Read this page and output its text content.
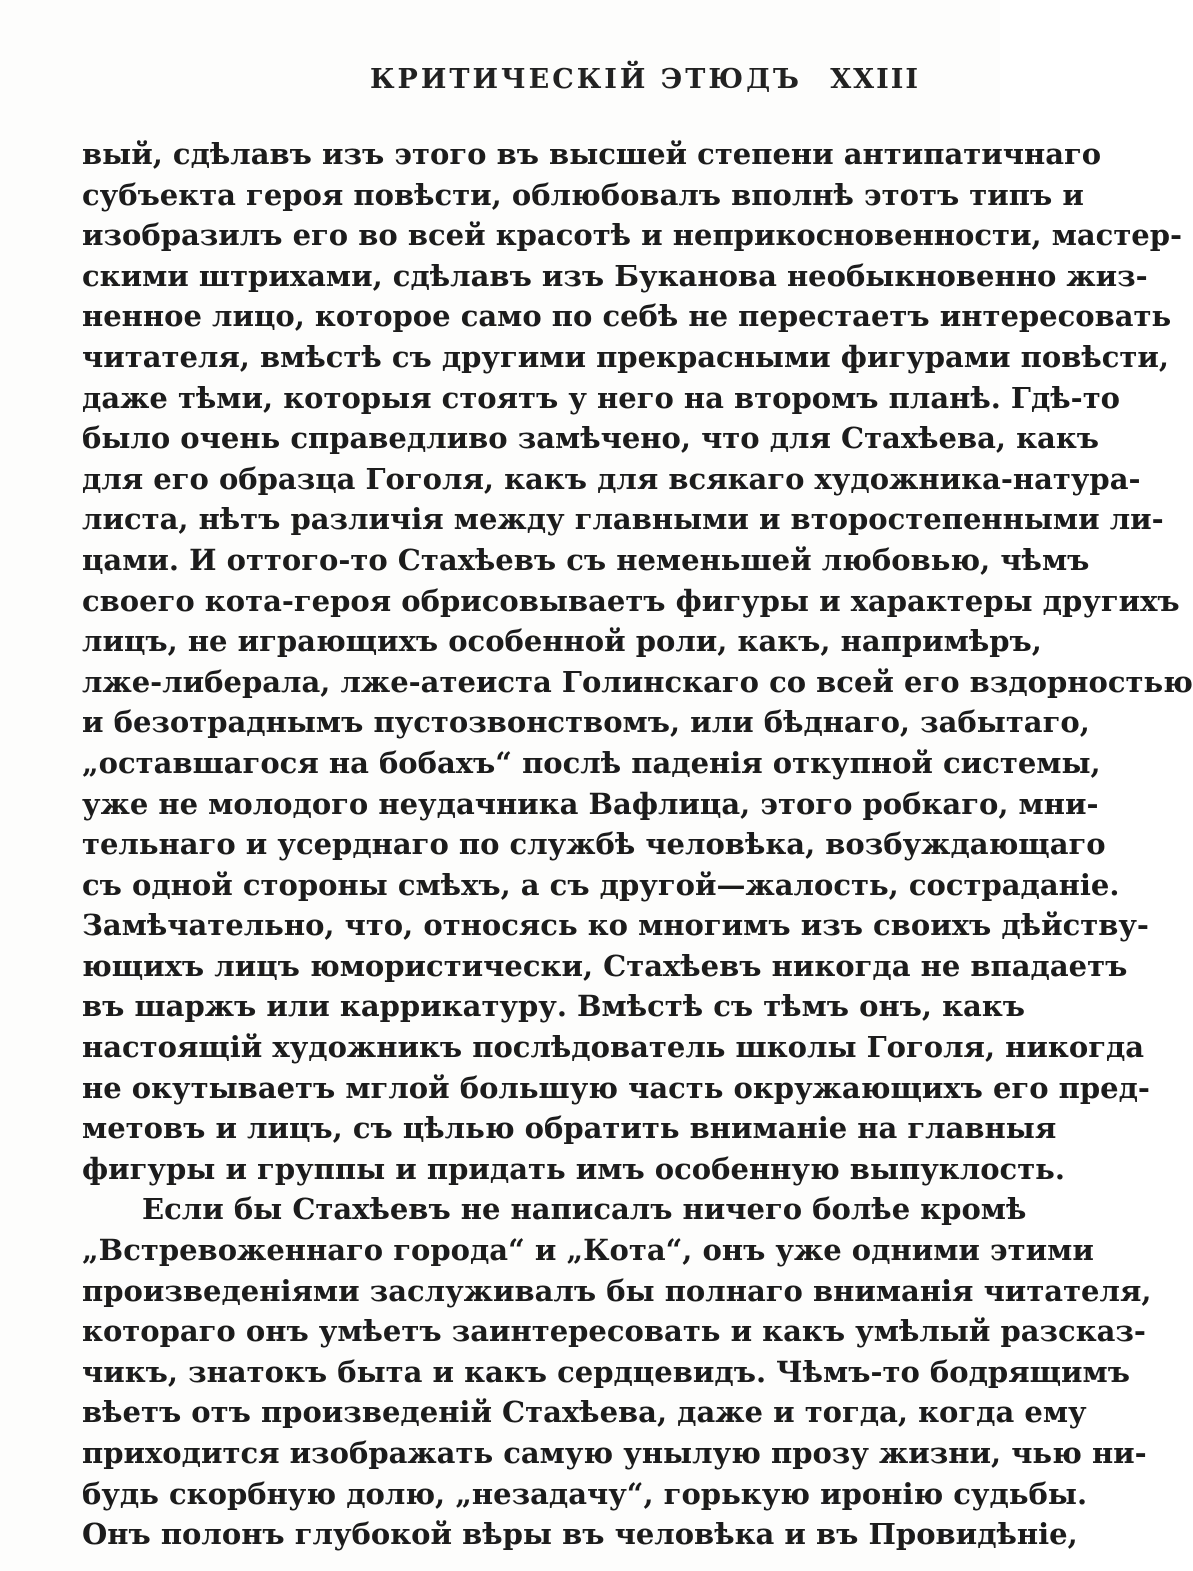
КРИТИЧЕСКІЙ ЭТЮДЪ XXIII
вый, сдѣлавъ изъ этого въ высшей степени антипатичнаго
субъекта героя повѣсти, облюбовалъ вполнѣ этотъ типъ и
изобразилъ его во всей красотѣ и неприкосновенности, мастер-
скими штрихами, сдѣлавъ изъ Буканова необыкновенно жиз-
ненное лицо, которое само по себѣ не перестаетъ интересовать
читателя, вмѣстѣ съ другими прекрасными фигурами повѣсти,
даже тѣми, которыя стоятъ у него на второмъ планѣ. Гдѣ-то
было очень справедливо замѣчено, что для Стахѣева, какъ
для его образца Гоголя, какъ для всякаго художника-натура-
листа, нѣтъ различія между главными и второстепенными ли-
цами. И оттого-то Стахѣевъ съ неменьшей любовью, чѣмъ
своего кота-героя обрисовываетъ фигуры и характеры другихъ
лицъ, не играющихъ особенной роли, какъ, напримѣръ,
лже-либерала, лже-атеиста Голинскаго со всей его вздорностью
и безотраднымъ пустозвонствомъ, или бѣднаго, забытаго,
„оставшагося на бобахъ“ послѣ паденія откупной системы,
уже не молодого неудачника Вафлица, этого робкаго, мни-
тельнаго и усерднаго по службѣ человѣка, возбуждающаго
съ одной стороны смѣхъ, а съ другой—жалость, состраданіе.
Замѣчательно, что, относясь ко многимъ изъ своихъ дѣйству-
ющихъ лицъ юмористически, Стахѣевъ никогда не впадаетъ
въ шаржъ или каррикатуру. Вмѣстѣ съ тѣмъ онъ, какъ
настоящій художникъ послѣдователь школы Гоголя, никогда
не окутываетъ мглой большую часть окружающихъ его пред-
метовъ и лицъ, съ цѣлью обратить вниманіе на главныя
фигуры и группы и придать имъ особенную выпуклость.
Если бы Стахѣевъ не написалъ ничего болѣе кромѣ
„Встревоженнаго города“ и „Кота“, онъ уже одними этими
произведеніями заслуживалъ бы полнаго вниманія читателя,
котораго онъ умѣетъ заинтересовать и какъ умѣлый разсказ-
чикъ, знатокъ быта и какъ сердцевидъ. Чѣмъ-то бодрящимъ
вѣетъ отъ произведеній Стахѣева, даже и тогда, когда ему
приходится изображать самую унылую прозу жизни, чью ни-
будь скорбную долю, „незадачу“, горькую иронію судьбы.
Онъ полонъ глубокой вѣры въ человѣка и въ Провидѣніе,
